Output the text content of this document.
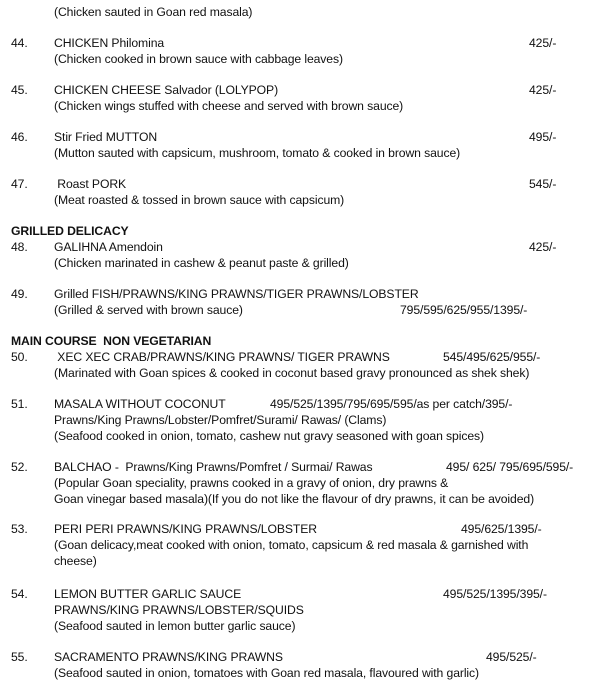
(Chicken sauted in Goan red masala)
44. CHICKEN Philomina	425/-
(Chicken cooked in brown sauce with cabbage leaves)
45. CHICKEN CHEESE Salvador (LOLYPOP)	425/-
(Chicken wings stuffed with cheese and served with brown sauce)
46. Stir Fried MUTTON	495/-
(Mutton sauted with capsicum, mushroom, tomato & cooked in brown sauce)
47. Roast PORK	545/-
(Meat roasted & tossed in brown sauce with capsicum)
GRILLED DELICACY
48. GALIHNA Amendoin	425/-
(Chicken marinated in cashew & peanut paste & grilled)
49. Grilled FISH/PRAWNS/KING PRAWNS/TIGER PRAWNS/LOBSTER
(Grilled & served with brown sauce)	795/595/625/955/1395/-
MAIN COURSE  NON VEGETARIAN
50. XEC XEC CRAB/PRAWNS/KING PRAWNS/ TIGER PRAWNS	545/495/625/955/-
(Marinated with Goan spices & cooked in coconut based gravy pronounced as shek shek)
51. MASALA WITHOUT COCONUT	495/525/1395/795/695/595/as per catch/395/-
Prawns/King Prawns/Lobster/Pomfret/Surami/ Rawas/ (Clams)
(Seafood cooked in onion, tomato, cashew nut gravy seasoned with goan spices)
52. BALCHAO -  Prawns/King Prawns/Pomfret / Surmai/ Rawas	495/ 625/ 795/695/595/-
(Popular Goan speciality, prawns cooked in a gravy of onion, dry prawns &
Goan vinegar based masala)(If you do not like the flavour of dry prawns, it can be avoided)
53. PERI PERI PRAWNS/KING PRAWNS/LOBSTER	495/625/1395/-
(Goan delicacy,meat cooked with onion, tomato, capsicum & red masala & garnished with
cheese)
54. LEMON BUTTER GARLIC SAUCE	495/525/1395/395/-
PRAWNS/KING PRAWNS/LOBSTER/SQUIDS
(Seafood sauted in lemon butter garlic sauce)
55. SACRAMENTO PRAWNS/KING PRAWNS	495/525/-
(Seafood sauted in onion, tomatoes with Goan red masala, flavoured with garlic)
